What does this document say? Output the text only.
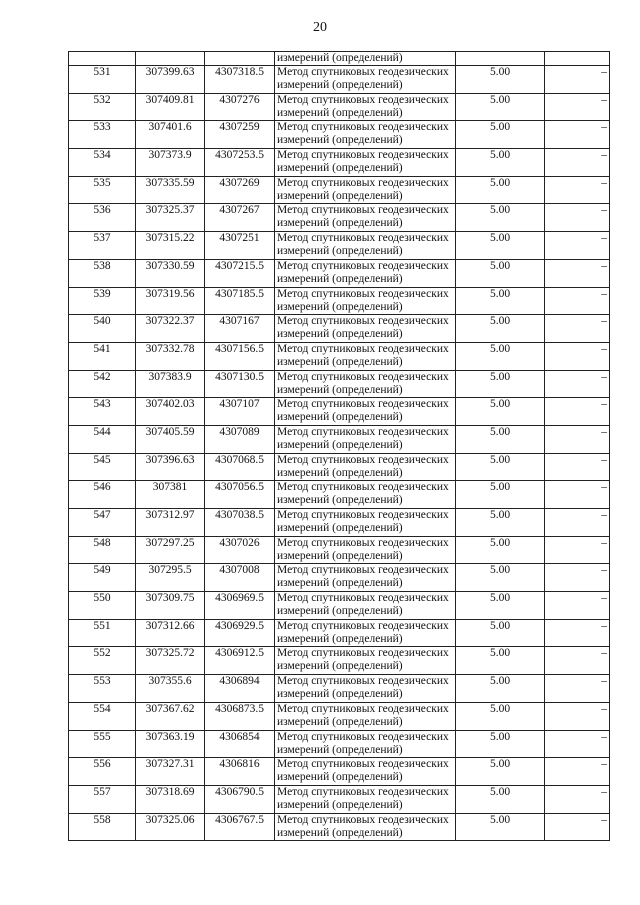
20
			измерений (определений)		
531	307399.63	4307318.5	Метод спутниковых геодезических измерений (определений)	5.00	–
532	307409.81	4307276	Метод спутниковых геодезических измерений (определений)	5.00	–
533	307401.6	4307259	Метод спутниковых геодезических измерений (определений)	5.00	–
534	307373.9	4307253.5	Метод спутниковых геодезических измерений (определений)	5.00	–
535	307335.59	4307269	Метод спутниковых геодезических измерений (определений)	5.00	–
536	307325.37	4307267	Метод спутниковых геодезических измерений (определений)	5.00	–
537	307315.22	4307251	Метод спутниковых геодезических измерений (определений)	5.00	–
538	307330.59	4307215.5	Метод спутниковых геодезических измерений (определений)	5.00	–
539	307319.56	4307185.5	Метод спутниковых геодезических измерений (определений)	5.00	–
540	307322.37	4307167	Метод спутниковых геодезических измерений (определений)	5.00	–
541	307332.78	4307156.5	Метод спутниковых геодезических измерений (определений)	5.00	–
542	307383.9	4307130.5	Метод спутниковых геодезических измерений (определений)	5.00	–
543	307402.03	4307107	Метод спутниковых геодезических измерений (определений)	5.00	–
544	307405.59	4307089	Метод спутниковых геодезических измерений (определений)	5.00	–
545	307396.63	4307068.5	Метод спутниковых геодезических измерений (определений)	5.00	–
546	307381	4307056.5	Метод спутниковых геодезических измерений (определений)	5.00	–
547	307312.97	4307038.5	Метод спутниковых геодезических измерений (определений)	5.00	–
548	307297.25	4307026	Метод спутниковых геодезических измерений (определений)	5.00	–
549	307295.5	4307008	Метод спутниковых геодезических измерений (определений)	5.00	–
550	307309.75	4306969.5	Метод спутниковых геодезических измерений (определений)	5.00	–
551	307312.66	4306929.5	Метод спутниковых геодезических измерений (определений)	5.00	–
552	307325.72	4306912.5	Метод спутниковых геодезических измерений (определений)	5.00	–
553	307355.6	4306894	Метод спутниковых геодезических измерений (определений)	5.00	–
554	307367.62	4306873.5	Метод спутниковых геодезических измерений (определений)	5.00	–
555	307363.19	4306854	Метод спутниковых геодезических измерений (определений)	5.00	–
556	307327.31	4306816	Метод спутниковых геодезических измерений (определений)	5.00	–
557	307318.69	4306790.5	Метод спутниковых геодезических измерений (определений)	5.00	–
558	307325.06	4306767.5	Метод спутниковых геодезических измерений (определений)	5.00	–
